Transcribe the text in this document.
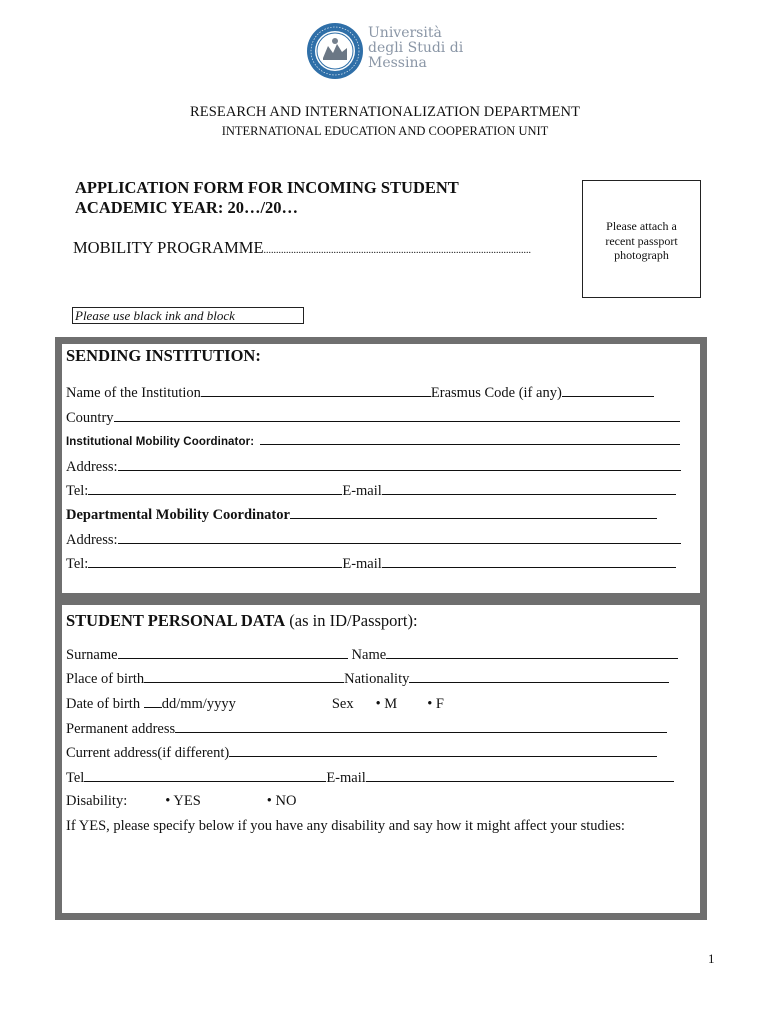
Università
degli Studi di
Messina
RESEARCH AND INTERNATIONALIZATION DEPARTMENT
INTERNATIONAL EDUCATION AND COOPERATION UNIT
APPLICATION FORM FOR INCOMING STUDENT
ACADEMIC YEAR: 20…/20…
MOBILITY PROGRAMME...........................................................................................................
Please attach a
recent passport
photograph
Please use black ink and block
SENDING INSTITUTION:
Name of the Institution	Erasmus Code (if any)
Country
Institutional Mobility Coordinator:
Address:
Tel:	E-mail
Departmental Mobility Coordinator
Address:
Tel:	E-mail
STUDENT PERSONAL DATA (as in ID/Passport):
Surname	Name
Place of birth	Nationality
Date of birth dd/mm/yyyy	Sex • M • F
Permanent address
Current address(if different)
Tel	E-mail
Disability:	• YES	• NO
If YES, please specify below if you have any disability and say how it might affect your studies:
1
